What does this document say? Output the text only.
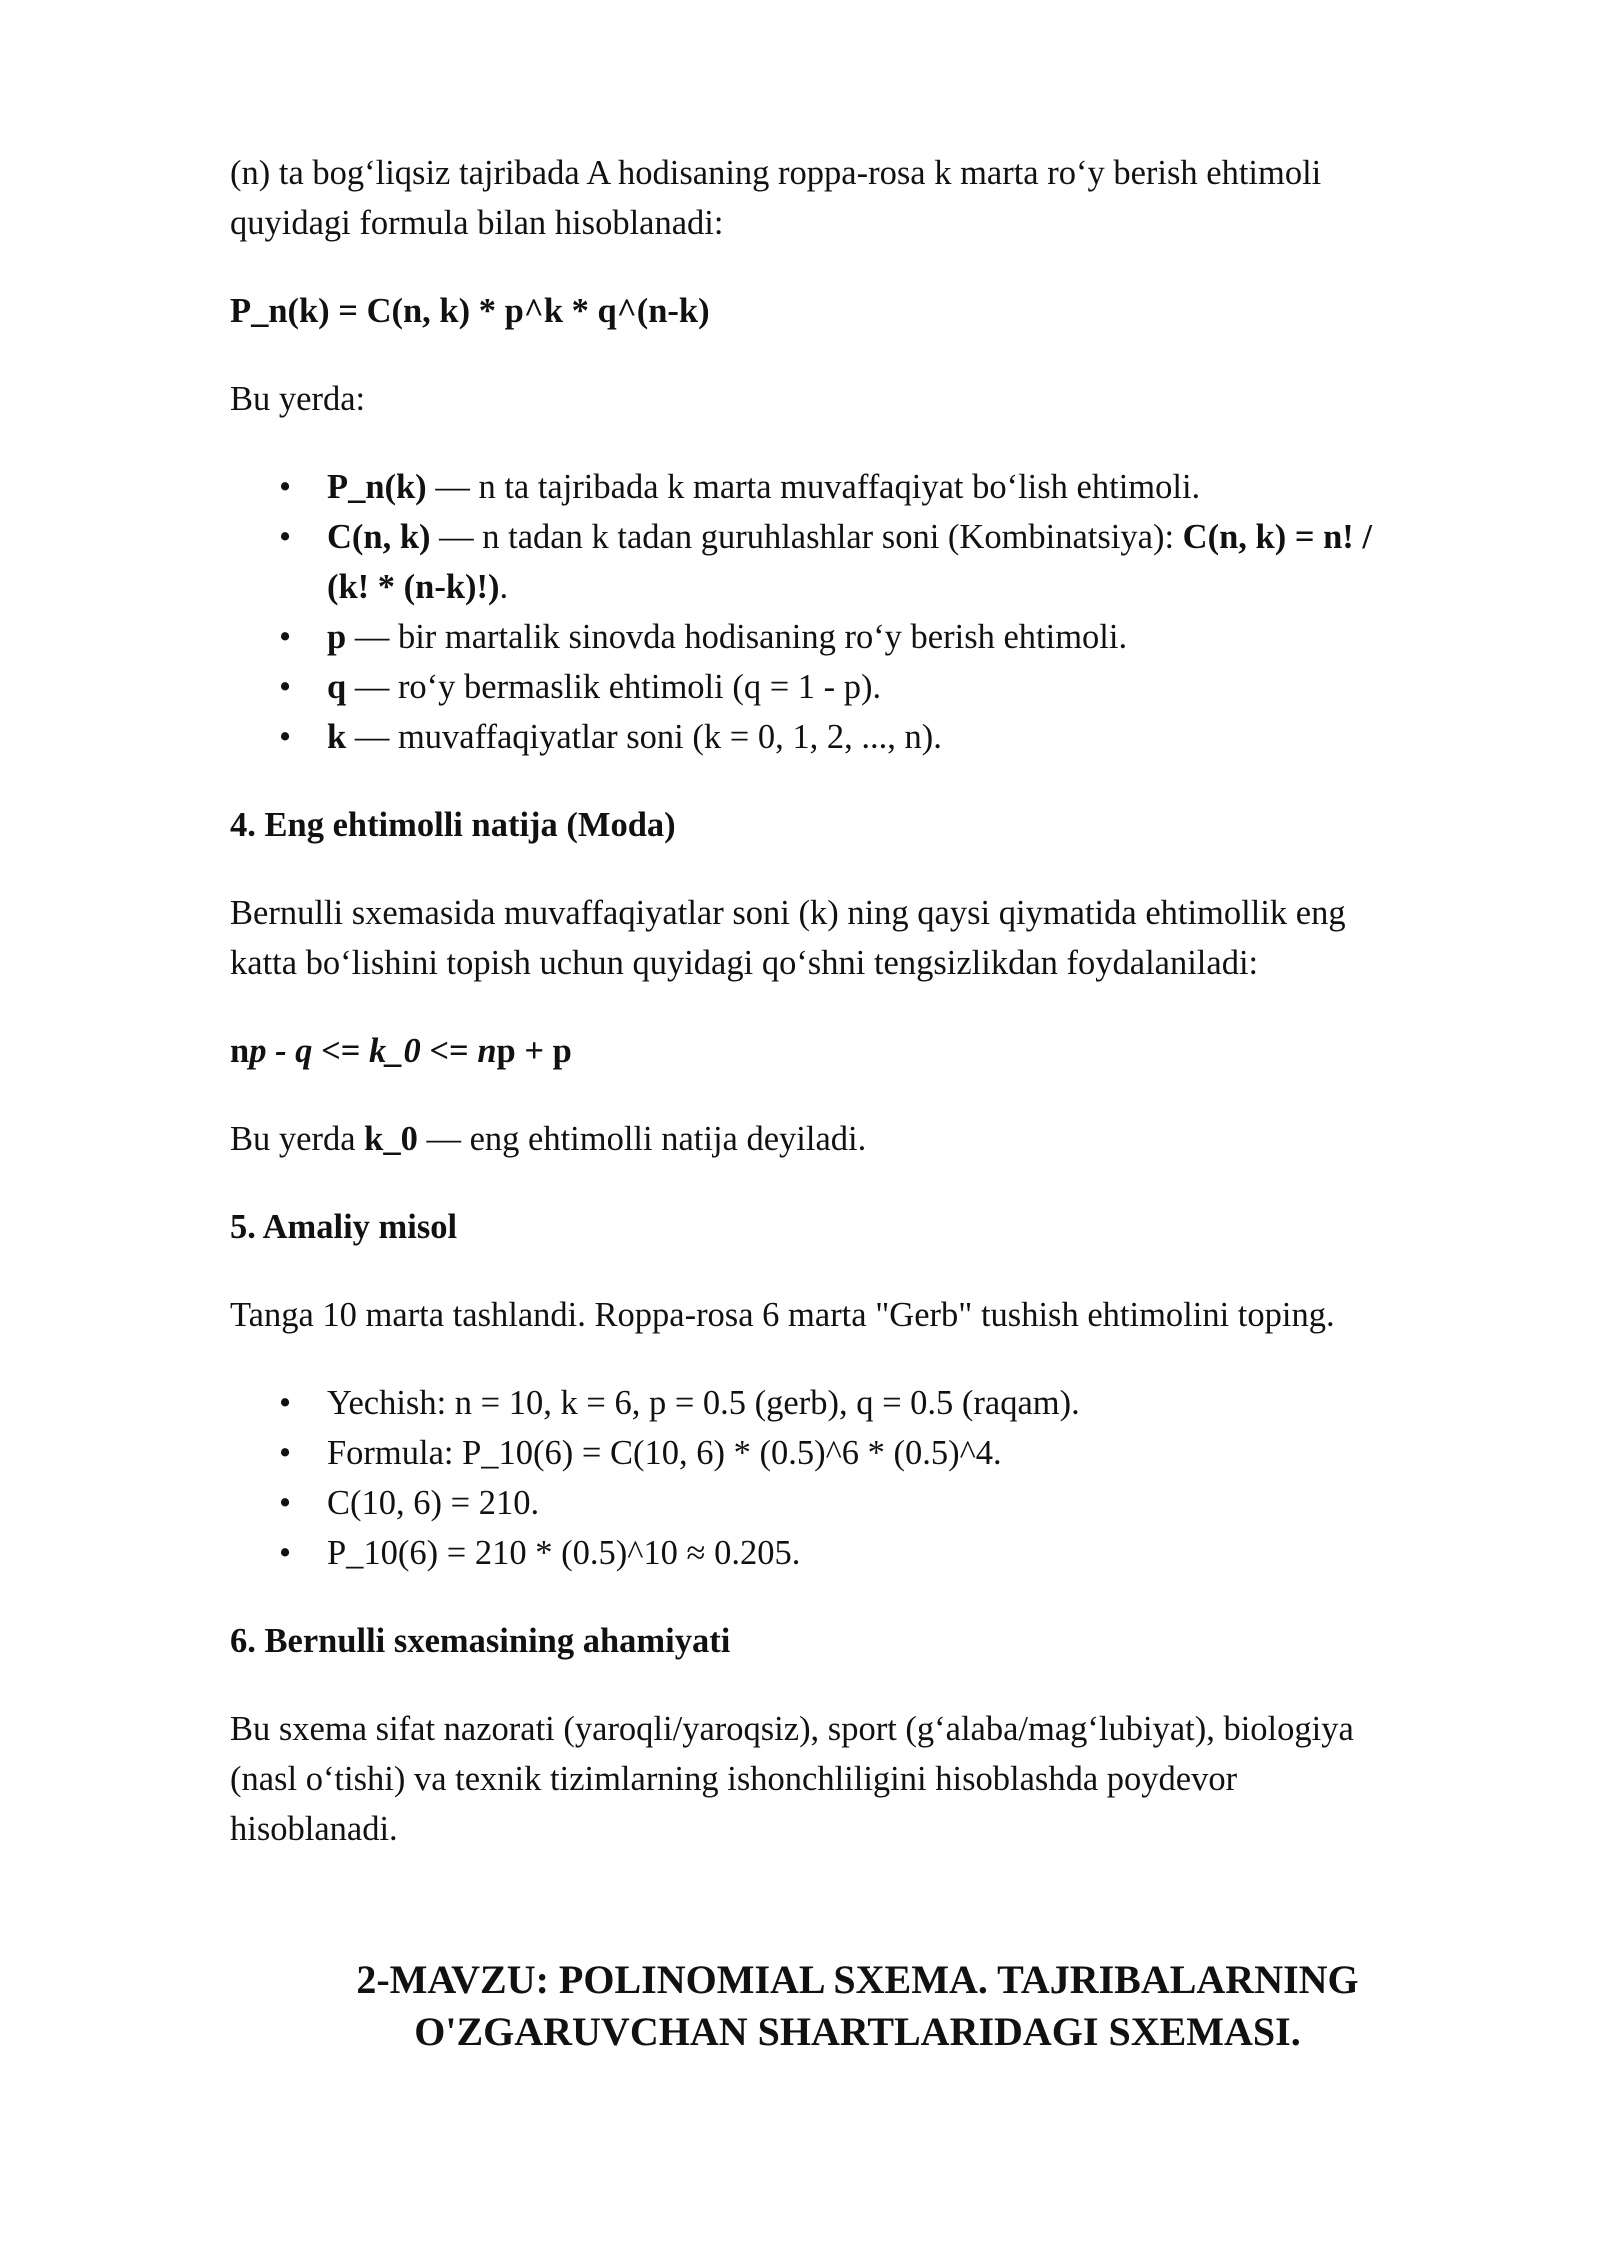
(n) ta bog‘liqsiz tajribada A hodisaning roppa-rosa k marta ro‘y berish ehtimoli
quyidagi formula bilan hisoblanadi:

P_n(k) = C(n, k) * p^k * q^(n-k)

Bu yerda:

• P_n(k) — n ta tajribada k marta muvaffaqiyat bo‘lish ehtimoli.
• C(n, k) — n tadan k tadan guruhlashlar soni (Kombinatsiya): C(n, k) = n! /
(k! * (n-k)!).
• p — bir martalik sinovda hodisaning ro‘y berish ehtimoli.
• q — ro‘y bermaslik ehtimoli (q = 1 - p).
• k — muvaffaqiyatlar soni (k = 0, 1, 2, ..., n).

4. Eng ehtimolli natija (Moda)

Bernulli sxemasida muvaffaqiyatlar soni (k) ning qaysi qiymatida ehtimollik eng
katta bo‘lishini topish uchun quyidagi qo‘shni tengsizlikdan foydalaniladi:

np - q <= k_0 <= np + p

Bu yerda k_0 — eng ehtimolli natija deyiladi.

5. Amaliy misol

Tanga 10 marta tashlandi. Roppa-rosa 6 marta "Gerb" tushish ehtimolini toping.

• Yechish: n = 10, k = 6, p = 0.5 (gerb), q = 0.5 (raqam).
• Formula: P_10(6) = C(10, 6) * (0.5)^6 * (0.5)^4.
• C(10, 6) = 210.
• P_10(6) = 210 * (0.5)^10 ≈ 0.205.

6. Bernulli sxemasining ahamiyati

Bu sxema sifat nazorati (yaroqli/yaroqsiz), sport (g‘alaba/mag‘lubiyat), biologiya
(nasl o‘tishi) va texnik tizimlarning ishonchliligini hisoblashda poydevor
hisoblanadi.

2-MAVZU: POLINOMIAL SXEMA. TAJRIBALARNING
O'ZGARUVCHAN SHARTLARIDAGI SXEMASI.
